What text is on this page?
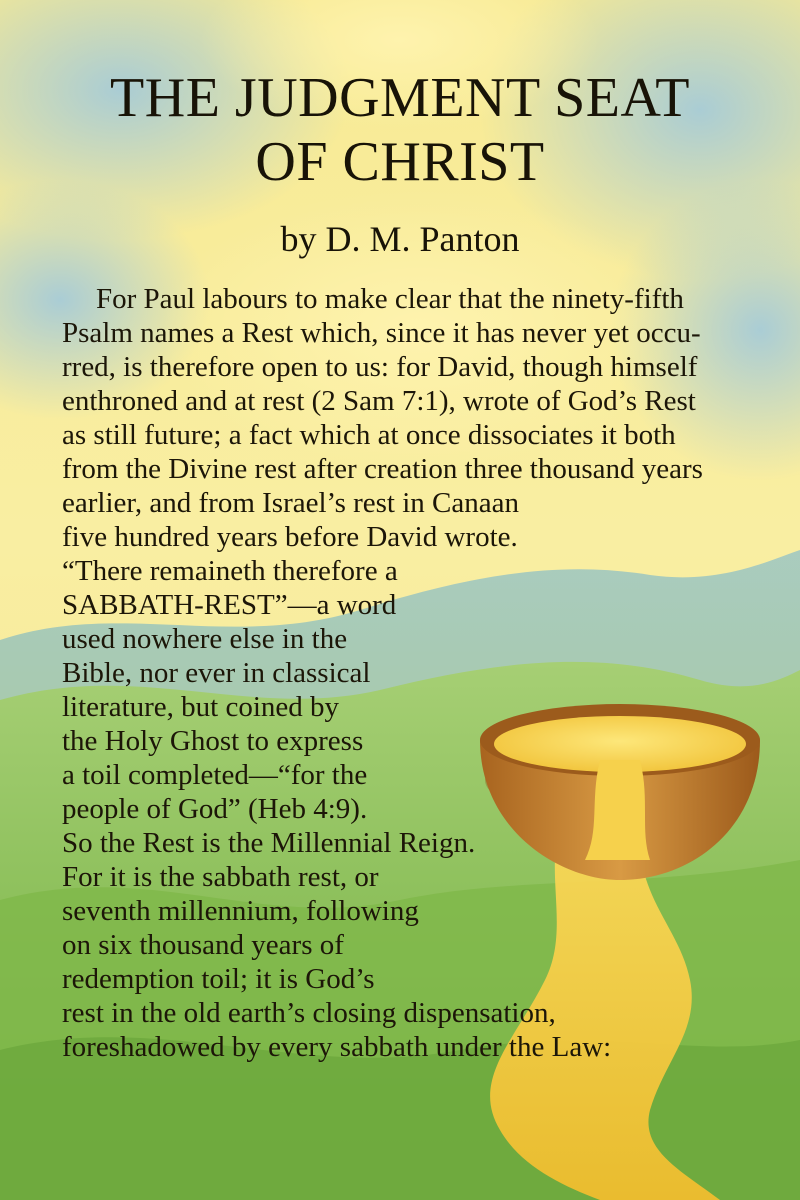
THE JUDGMENT SEAT
OF CHRIST
by D. M. Panton

For Paul labours to make clear that the ninety-fifth

Psalm names a Rest which, since it has never yet occu-

rred, is therefore open to us: for David, though himself

enthroned and at rest (2 Sam 7:1), wrote of God’s Rest

as still future; a fact which at once dissociates it both

from the Divine rest after creation three thousand years

earlier, and from Israel’s rest in Canaan

five hundred years before David wrote.

“There remaineth therefore a

SABBATH-REST”—a word

used nowhere else in the

Bible, nor ever in classical

literature, but coined by

the Holy Ghost to express

a toil completed—“for the

people of God” (Heb 4:9).

So the Rest is the Millennial Reign.

For it is the sabbath rest, or

seventh millennium, following

on six thousand years of

redemption toil; it is God’s

rest in the old earth’s closing dispensation,

foreshadowed by every sabbath under the Law:
